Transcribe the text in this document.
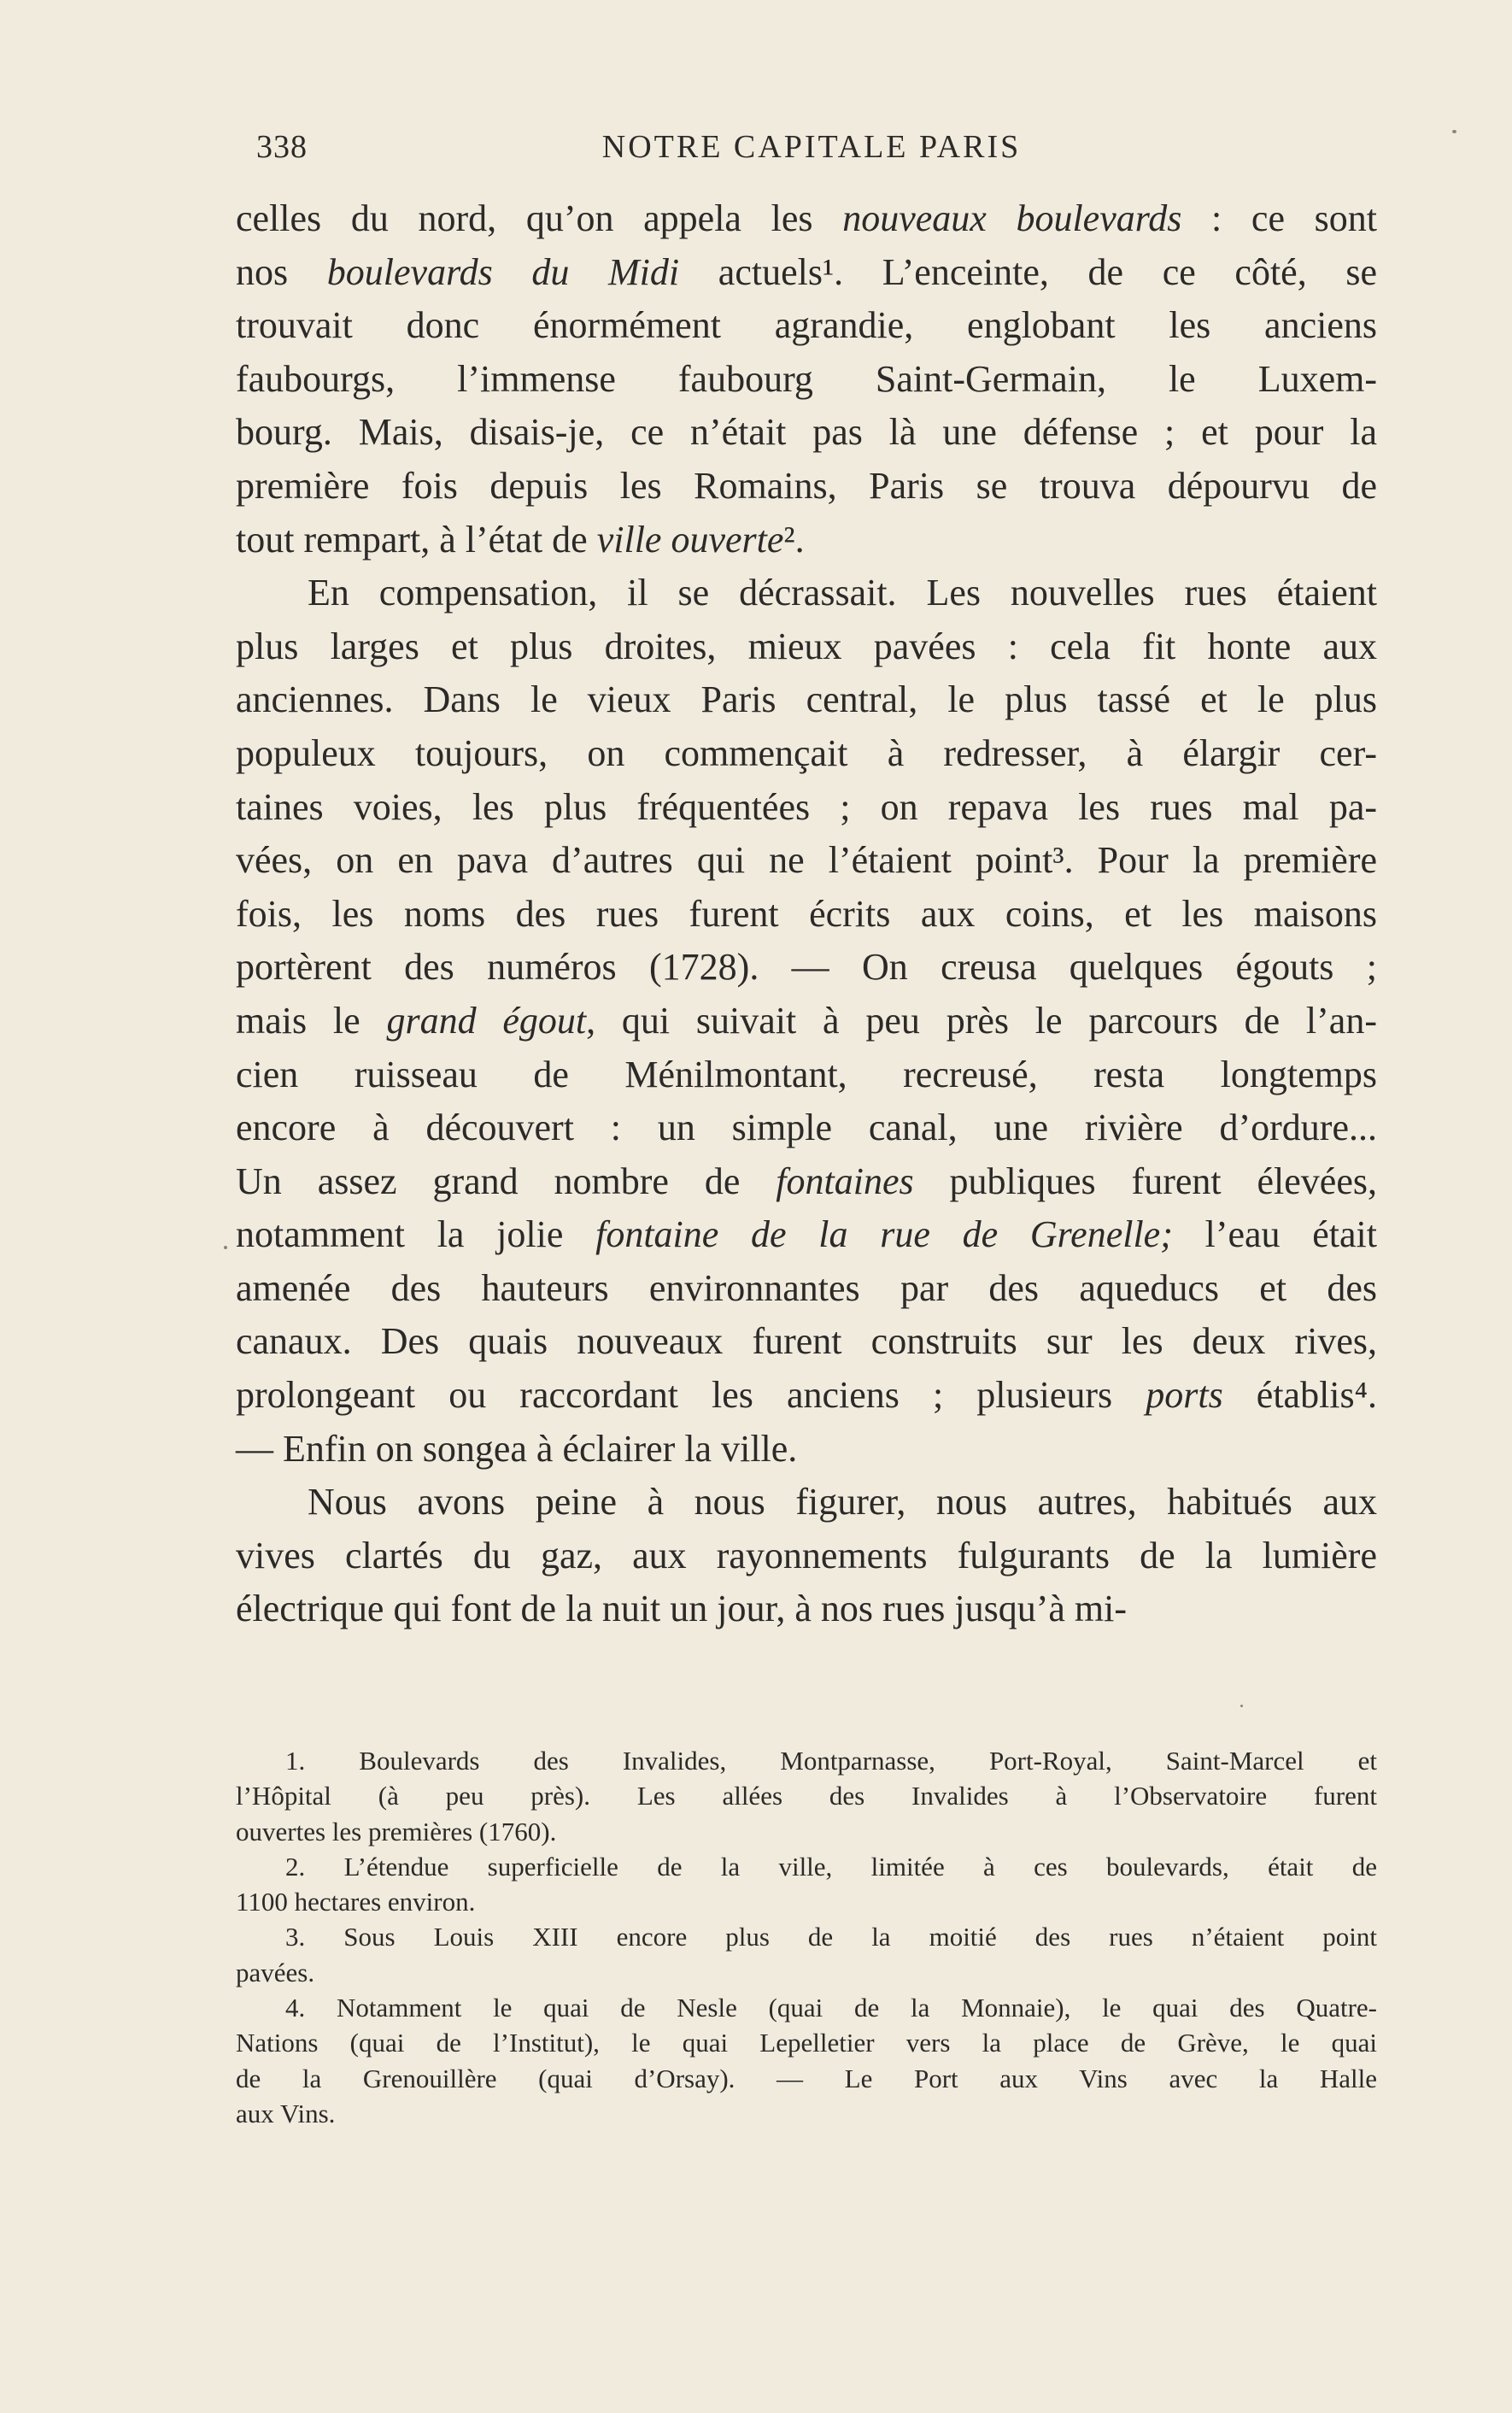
338	NOTRE CAPITALE PARIS
celles du nord, qu’on appela les nouveaux boulevards : ce sont
nos boulevards du Midi actuels¹. L’enceinte, de ce côté, se
trouvait donc énormément agrandie, englobant les anciens
faubourgs, l’immense faubourg Saint-Germain, le Luxem-
bourg. Mais, disais-je, ce n’était pas là une défense ; et pour la
première fois depuis les Romains, Paris se trouva dépourvu de
tout rempart, à l’état de ville ouverte².
En compensation, il se décrassait. Les nouvelles rues étaient
plus larges et plus droites, mieux pavées : cela fit honte aux
anciennes. Dans le vieux Paris central, le plus tassé et le plus
populeux toujours, on commençait à redresser, à élargir cer-
taines voies, les plus fréquentées ; on repava les rues mal pa-
vées, on en pava d’autres qui ne l’étaient point³. Pour la première
fois, les noms des rues furent écrits aux coins, et les maisons
portèrent des numéros (1728). — On creusa quelques égouts ;
mais le grand égout, qui suivait à peu près le parcours de l’an-
cien ruisseau de Ménilmontant, recreusé, resta longtemps
encore à découvert : un simple canal, une rivière d’ordure...
Un assez grand nombre de fontaines publiques furent élevées,
notamment la jolie fontaine de la rue de Grenelle; l’eau était
amenée des hauteurs environnantes par des aqueducs et des
canaux. Des quais nouveaux furent construits sur les deux rives,
prolongeant ou raccordant les anciens ; plusieurs ports établis⁴.
— Enfin on songea à éclairer la ville.
Nous avons peine à nous figurer, nous autres, habitués aux
vives clartés du gaz, aux rayonnements fulgurants de la lumière
électrique qui font de la nuit un jour, à nos rues jusqu’à mi-
1. Boulevards des Invalides, Montparnasse, Port-Royal, Saint-Marcel et
l’Hôpital (à peu près). Les allées des Invalides à l’Observatoire furent
ouvertes les premières (1760).
2. L’étendue superficielle de la ville, limitée à ces boulevards, était de
1100 hectares environ.
3. Sous Louis XIII encore plus de la moitié des rues n’étaient point
pavées.
4. Notamment le quai de Nesle (quai de la Monnaie), le quai des Quatre-
Nations (quai de l’Institut), le quai Lepelletier vers la place de Grève, le quai
de la Grenouillère (quai d’Orsay). — Le Port aux Vins avec la Halle
aux Vins.
